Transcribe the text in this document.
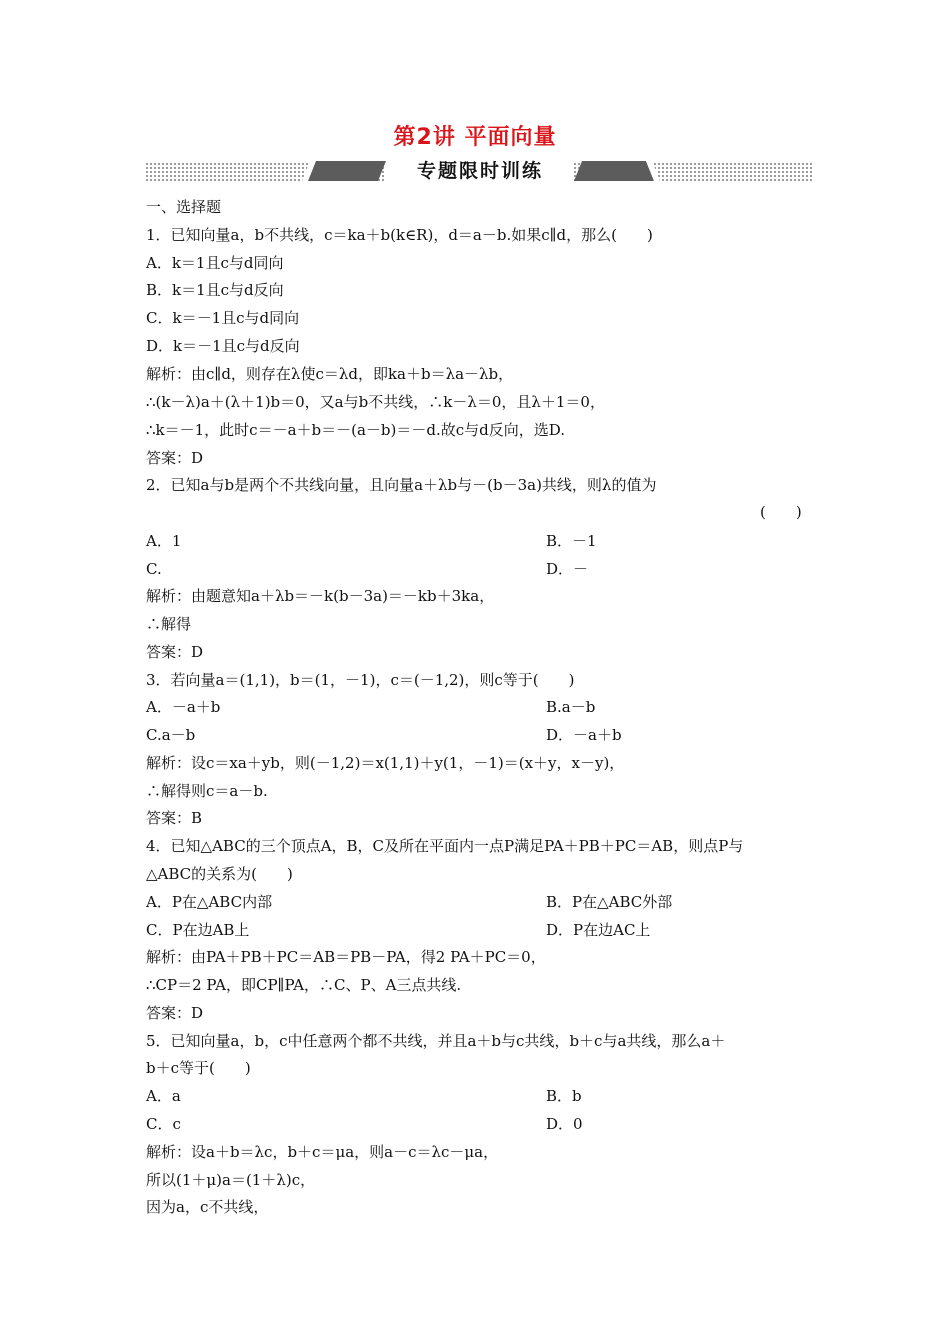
第2讲 平面向量
专题限时训练
一、选择题
1．已知向量a，b不共线，c＝ka＋b(k∈R)，d＝a－b.如果c∥d，那么(　　)
A．k＝1且c与d同向
B．k＝1且c与d反向
C．k＝－1且c与d同向
D．k＝－1且c与d反向
解析：由c∥d，则存在λ使c＝λd，即ka＋b＝λa－λb，
∴(k－λ)a＋(λ＋1)b＝0，又a与b不共线，∴k－λ＝0，且λ＋1＝0，
∴k＝－1，此时c＝－a＋b＝－(a－b)＝－d.故c与d反向，选D.
答案：D
2．已知a与b是两个不共线向量，且向量a＋λb与－(b－3a)共线，则λ的值为
(　　)
A．1	B．－1
C.	D．－
解析：由题意知a＋λb＝－k(b－3a)＝－kb＋3ka，
∴解得
答案：D
3．若向量a＝(1,1)，b＝(1，－1)，c＝(－1,2)，则c等于(　　)
A．－a＋b	B.a－b
C.a－b	D．－a＋b
解析：设c＝xa＋yb，则(－1,2)＝x(1,1)＋y(1，－1)＝(x＋y，x－y)，
∴解得则c＝a－b.
答案：B
4．已知△ABC的三个顶点A，B，C及所在平面内一点P满足PA＋PB＋PC＝AB，则点P与
△ABC的关系为(　　)
A．P在△ABC内部	B．P在△ABC外部
C．P在边AB上	D．P在边AC上
解析：由PA＋PB＋PC＝AB＝PB－PA，得2 PA＋PC＝0，
∴CP＝2 PA，即CP∥PA，∴C、P、A三点共线.
答案：D
5．已知向量a，b，c中任意两个都不共线，并且a＋b与c共线，b＋c与a共线，那么a＋
b＋c等于(　　)
A．a	B．b
C．c	D．0
解析：设a＋b＝λc，b＋c＝μa，则a－c＝λc－μa，
所以(1＋μ)a＝(1＋λ)c，
因为a，c不共线，
